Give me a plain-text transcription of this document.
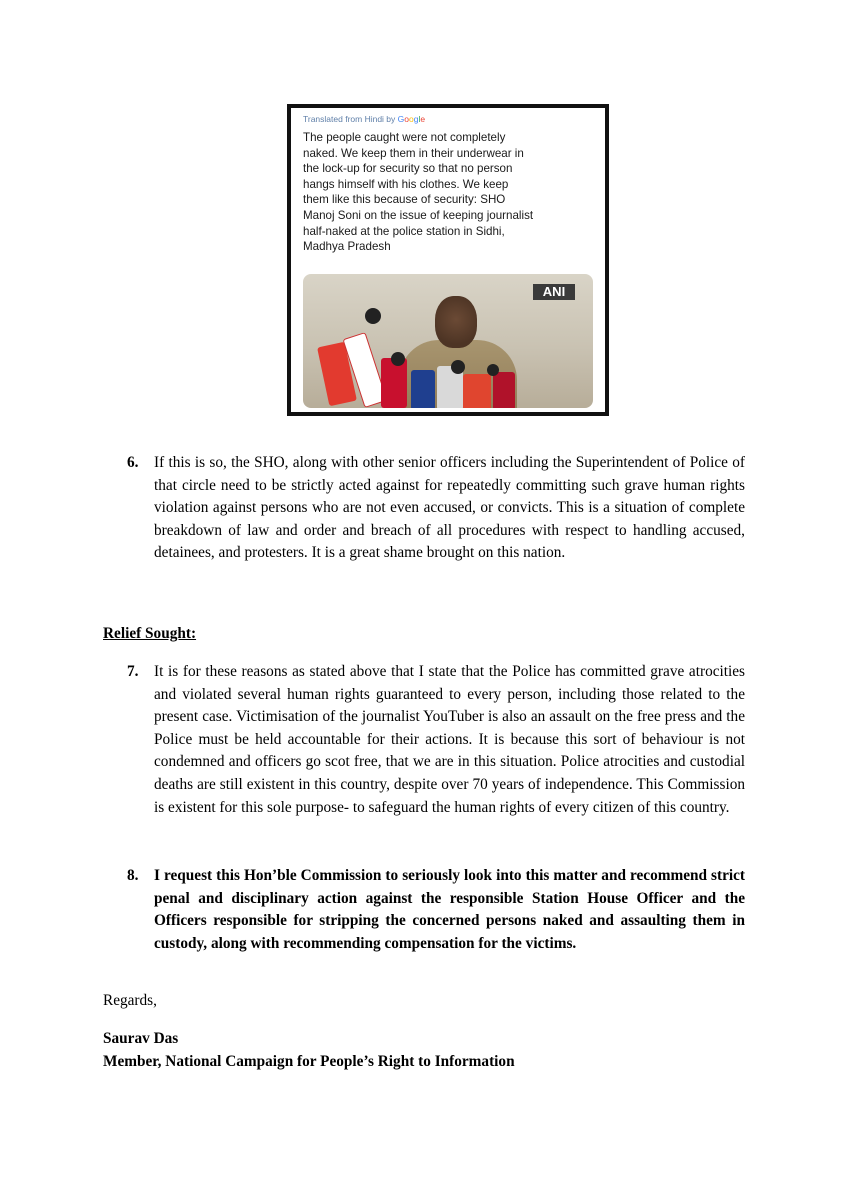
Translated from Hindi by Google
The people caught were not completely
naked. We keep them in their underwear in
the lock-up for security so that no person
hangs himself with his clothes. We keep
them like this because of security: SHO
Manoj Soni on the issue of keeping journalist
half-naked at the police station in Sidhi,
Madhya Pradesh
ANI
6. If this is so, the SHO, along with other senior officers including the Superintendent of Police of that circle need to be strictly acted against for repeatedly committing such grave human rights violation against persons who are not even accused, or convicts. This is a situation of complete breakdown of law and order and breach of all procedures with respect to handling accused, detainees, and protesters. It is a great shame brought on this nation.
Relief Sought:
7. It is for these reasons as stated above that I state that the Police has committed grave atrocities and violated several human rights guaranteed to every person, including those related to the present case. Victimisation of the journalist YouTuber is also an assault on the free press and the Police must be held accountable for their actions. It is because this sort of behaviour is not condemned and officers go scot free, that we are in this situation. Police atrocities and custodial deaths are still existent in this country, despite over 70 years of independence. This Commission is existent for this sole purpose- to safeguard the human rights of every citizen of this country.
8. I request this Hon’ble Commission to seriously look into this matter and recommend strict penal and disciplinary action against the responsible Station House Officer and the Officers responsible for stripping the concerned persons naked and assaulting them in custody, along with recommending compensation for the victims.
Regards,
Saurav Das
Member, National Campaign for People’s Right to Information
